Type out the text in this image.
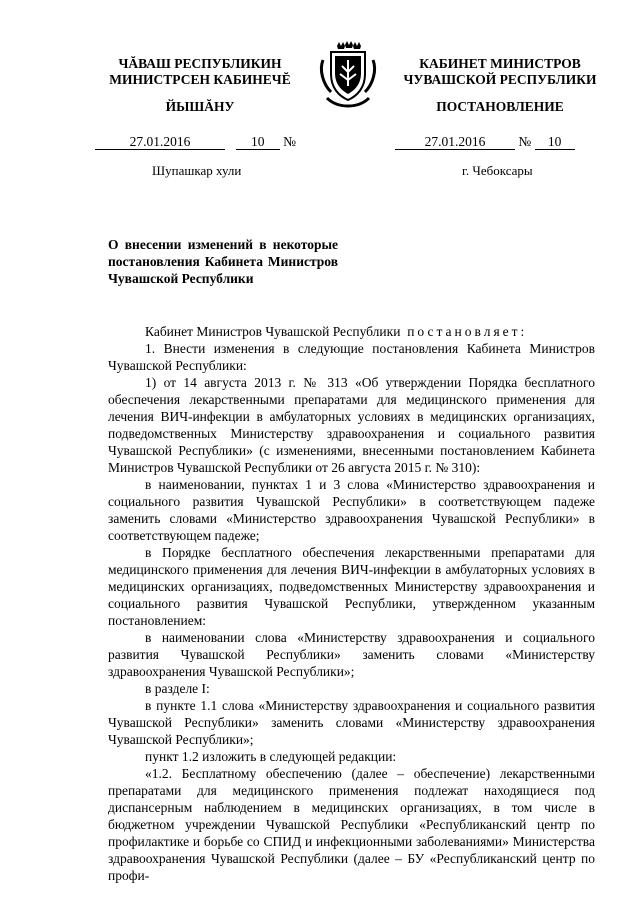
ЧĂВАШ РЕСПУБЛИКИН
МИНИСТРСЕН КАБИНЕЧĔ
ЙЫШĂНУ
КАБИНЕТ МИНИСТРОВ
ЧУВАШСКОЙ РЕСПУБЛИКИ
ПОСТАНОВЛЕНИЕ
27.01.2016	10 №	27.01.2016 № 10
Шупашкар хули	г. Чебоксары
О внесении изменений в некоторые постановления Кабинета Министров Чувашской Республики

Кабинет Министров Чувашской Республики постановляет:

1. Внести изменения в следующие постановления Кабинета Министров Чувашской Республики:

1) от 14 августа 2013 г. № 313 «Об утверждении Порядка бесплатного обеспечения лекарственными препаратами для медицинского применения для лечения ВИЧ-инфекции в амбулаторных условиях в медицинских организациях, подведомственных Министерству здравоохранения и социального развития Чувашской Республики» (с изменениями, внесенными постановлением Кабинета Министров Чувашской Республики от 26 августа 2015 г. № 310):

в наименовании, пунктах 1 и 3 слова «Министерство здравоохранения и социального развития Чувашской Республики» в соответствующем падеже заменить словами «Министерство здравоохранения Чувашской Республики» в соответствующем падеже;

в Порядке бесплатного обеспечения лекарственными препаратами для медицинского применения для лечения ВИЧ-инфекции в амбулаторных условиях в медицинских организациях, подведомственных Министерству здравоохранения и социального развития Чувашской Республики, утвержденном указанным постановлением:

в наименовании слова «Министерству здравоохранения и социального развития Чувашской Республики» заменить словами «Министерству здравоохранения Чувашской Республики»;

в разделе I:

в пункте 1.1 слова «Министерству здравоохранения и социального развития Чувашской Республики» заменить словами «Министерству здравоохранения Чувашской Республики»;

пункт 1.2 изложить в следующей редакции:

«1.2. Бесплатному обеспечению (далее – обеспечение) лекарственными препаратами для медицинского применения подлежат находящиеся под диспансерным наблюдением в медицинских организациях, в том числе в бюджетном учреждении Чувашской Республики «Республиканский центр по профилактике и борьбе со СПИД и инфекционными заболеваниями» Министерства здравоохранения Чувашской Республики (далее – БУ «Республиканский центр по профи-
